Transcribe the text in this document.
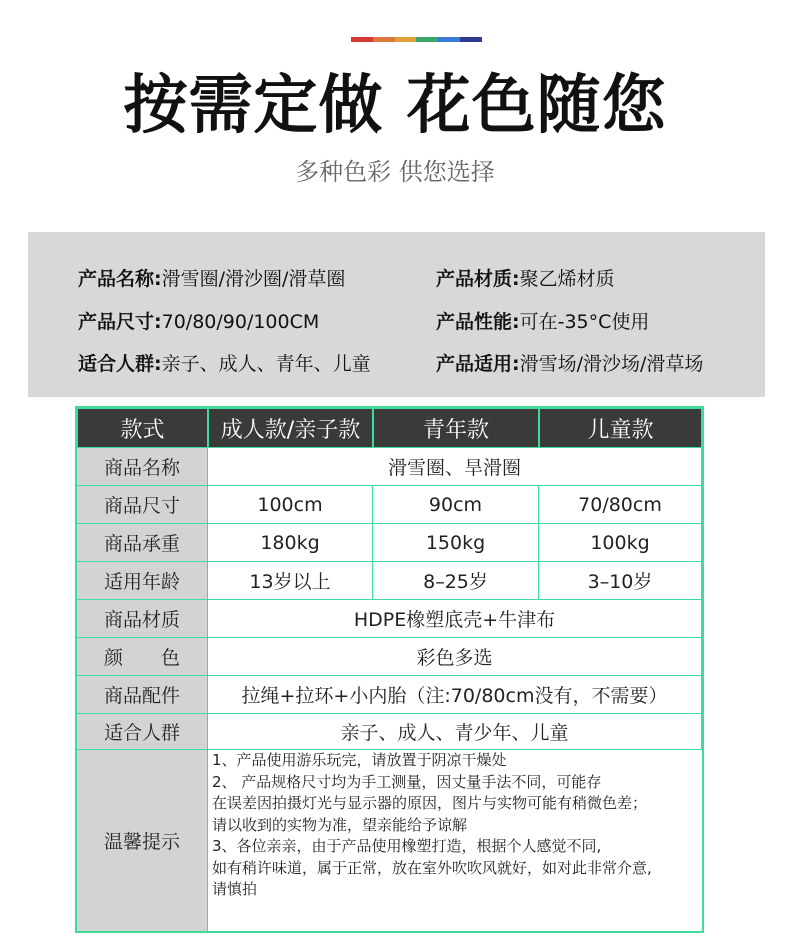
按需定做 花色随您
多种色彩 供您选择
产品名称:滑雪圈/滑沙圈/滑草圈
产品尺寸:70/80/90/100CM
适合人群:亲子、成人、青年、儿童
产品材质:聚乙烯材质
产品性能:可在-35°C使用
产品适用:滑雪场/滑沙场/滑草场
款式	成人款/亲子款	青年款	儿童款
商品名称	滑雪圈、旱滑圈
商品尺寸	100cm	90cm	70/80cm
商品承重	180kg	150kg	100kg
适用年龄	13岁以上	8–25岁	3–10岁
商品材质	HDPE橡塑底壳+牛津布
颜　　色	彩色多选
商品配件	拉绳+拉环+小内胎（注:70/80cm没有，不需要）
适合人群	亲子、成人、青少年、儿童
温馨提示
1、产品使用游乐玩完，请放置于阴凉干燥处
2、 产品规格尺寸均为手工测量，因丈量手法不同，可能存
在误差因拍摄灯光与显示器的原因，图片与实物可能有稍微色差；
请以收到的实物为准，望亲能给予谅解
3、各位亲亲，由于产品使用橡塑打造，根据个人感觉不同,
如有稍许味道，属于正常，放在室外吹吹风就好，如对此非常介意,
请慎拍
